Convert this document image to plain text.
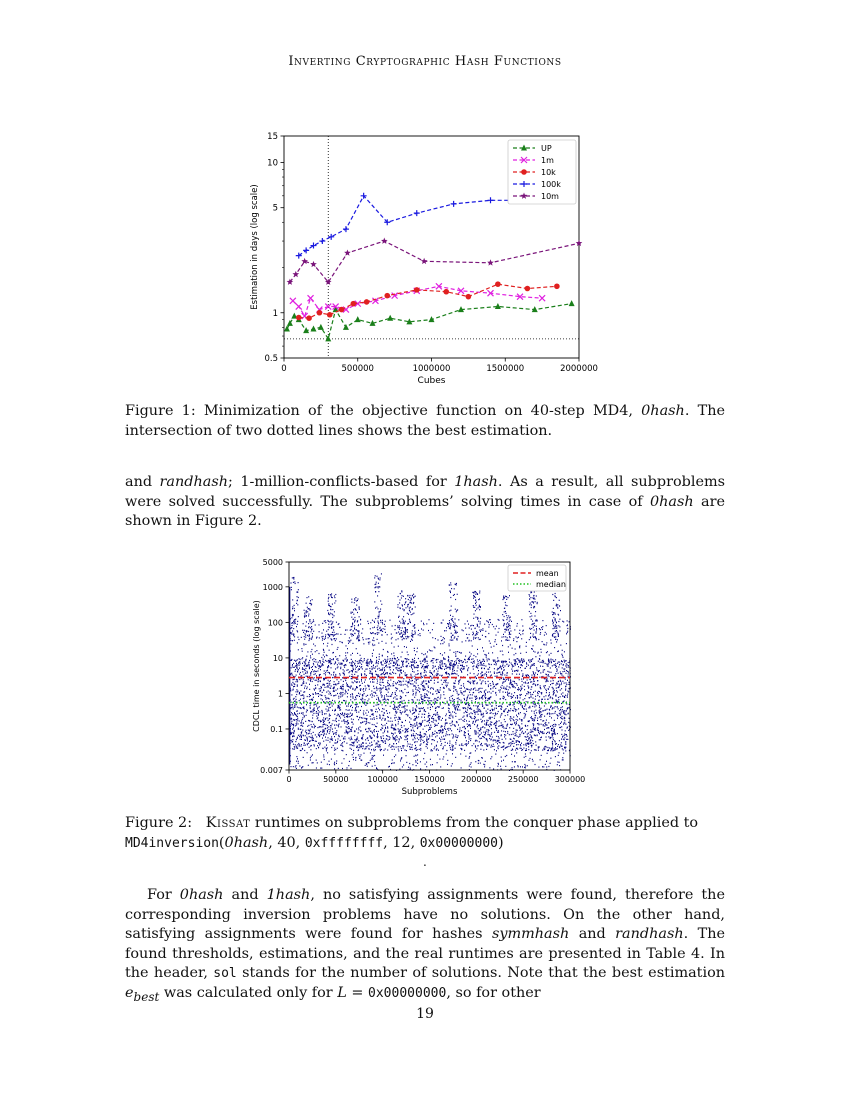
Inverting Cryptographic Hash Functions
0	500000	1000000	1500000	2000000
0.5
1
5
10
15
Cubes
Estimation in days (log scale)
UP
1m
10k
100k
10m
Figure 1: Minimization of the objective function on 40-step MD4, 0hash. The intersection of two dotted lines shows the best estimation.
and randhash; 1-million-conflicts-based for 1hash. As a result, all subproblems were solved successfully. The subproblems’ solving times in case of 0hash are shown in Figure 2.
0	50000 100000 150000 200000 250000 300000
0.007
0.1
1
10
100
1000
5000
Subproblems
CDCL time in seconds (log scale)
mean
median
Figure 2: Kissat runtimes on subproblems from the conquer phase applied to
MD4inversion(0hash, 40, 0xffffffff, 12, 0x00000000)
.
For 0hash and 1hash, no satisfying assignments were found, therefore the corresponding inversion problems have no solutions. On the other hand, satisfying assignments were found for hashes symmhash and randhash. The found thresholds, estimations, and the real runtimes are presented in Table 4. In the header, sol stands for the number of solutions. Note that the best estimation $e_{best}$ was calculated only for L = 0x00000000, so for other
19
